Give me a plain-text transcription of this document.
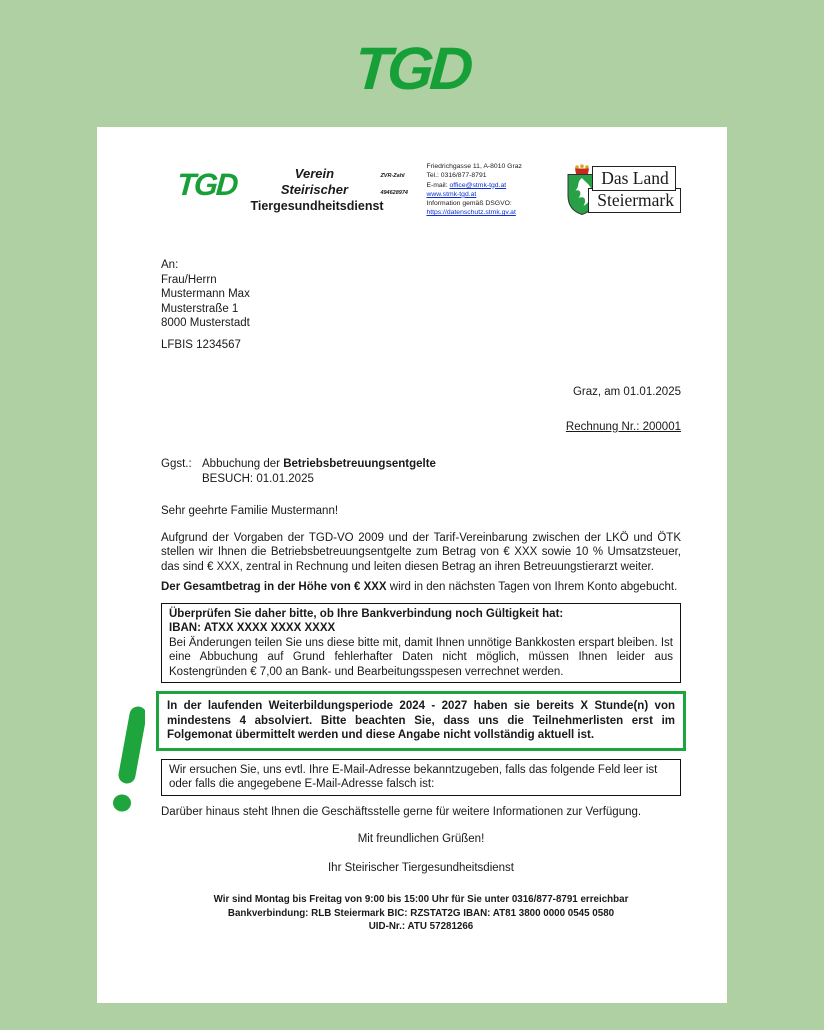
TGD
TGD	Verein
Steirischer
Tiergesundheitsdienst
ZVR-Zahl
494628974
Friedrichgasse 11, A-8010 Graz
Tel.: 0316/877-8791
E-mail: office@stmk-tgd.at
www.stmk-tgd.at
Information gemäß DSGVO:
https://datenschutz.stmk.gv.at
Das Land
Steiermark
An:
Frau/Herrn
Mustermann Max
Musterstraße 1
8000 Musterstadt
LFBIS 1234567
Graz, am 01.01.2025
Rechnung Nr.: 200001
Ggst.: Abbuchung der Betriebsbetreuungsentgelte
BESUCH: 01.01.2025
Sehr geehrte Familie Mustermann!
Aufgrund der Vorgaben der TGD-VO 2009 und der Tarif-Vereinbarung zwischen der LKÖ und ÖTK stellen wir Ihnen die Betriebsbetreuungsentgelte zum Betrag von € XXX sowie 10 % Umsatzsteuer, das sind € XXX, zentral in Rechnung und leiten diesen Betrag an ihren Betreuungstierarzt weiter.
Der Gesamtbetrag in der Höhe von € XXX wird in den nächsten Tagen von Ihrem Konto abgebucht.
Überprüfen Sie daher bitte, ob Ihre Bankverbindung noch Gültigkeit hat:
IBAN: ATXX XXXX XXXX XXXX
Bei Änderungen teilen Sie uns diese bitte mit, damit Ihnen unnötige Bankkosten erspart bleiben. Ist eine Abbuchung auf Grund fehlerhafter Daten nicht möglich, müssen Ihnen leider aus Kostengründen € 7,00 an Bank- und Bearbeitungsspesen verrechnet werden.
In der laufenden Weiterbildungsperiode 2024 - 2027 haben sie bereits X Stunde(n) von mindestens 4 absolviert. Bitte beachten Sie, dass uns die Teilnehmerlisten erst im Folgemonat übermittelt werden und diese Angabe nicht vollständig aktuell ist.
Wir ersuchen Sie, uns evtl. Ihre E-Mail-Adresse bekanntzugeben, falls das folgende Feld leer ist oder falls die angegebene E-Mail-Adresse falsch ist:
Darüber hinaus steht Ihnen die Geschäftsstelle gerne für weitere Informationen zur Verfügung.
Mit freundlichen Grüßen!
Ihr Steirischer Tiergesundheitsdienst
Wir sind Montag bis Freitag von 9:00 bis 15:00 Uhr für Sie unter 0316/877-8791 erreichbar
Bankverbindung: RLB Steiermark BIC: RZSTAT2G IBAN: AT81 3800 0000 0545 0580
UID-Nr.: ATU 57281266
